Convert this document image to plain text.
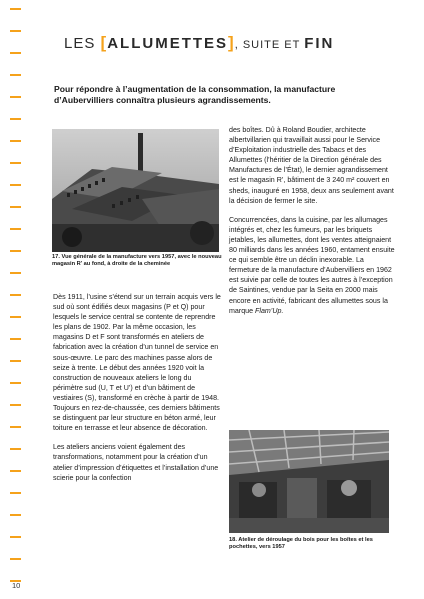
LES [ALLUMETTES], SUITE ET FIN
Pour répondre à l’augmentation de la consommation, la manufacture d’Aubervilliers connaîtra plusieurs agrandissements.
17. Vue générale de la manufacture vers 1957, avec le nouveau magasin R’ au fond, à droite de la cheminée

Dès 1911, l’usine s’étend sur un terrain acquis vers le sud où sont édifiés deux magasins (P et Q) pour lesquels le service central se contente de reprendre les plans de 1902. Par la même occasion, les magasins D et F sont transformés en ateliers de fabrication avec la création d’un tunnel de service en sous-œuvre. Le parc des machines passe alors de seize à trente. Le début des années 1920 voit la construction de nouveaux ateliers le long du périmètre sud (U, T et U’) et d’un bâtiment de vestiaires (S), transformé en crèche à partir de 1948. Toujours en rez-de-chaussée, ces derniers bâtiments se distinguent par leur structure en béton armé, leur toiture en terrasse et leur absence de décoration.

Les ateliers anciens voient également des transformations, notamment pour la création d’un atelier d’impression d’étiquettes et l’installation d’une scierie pour la confection

des boîtes. Dû à Roland Boudier, architecte albertvillarien qui travaillait aussi pour le Service d’Exploitation industrielle des Tabacs et des Allumettes (l’héritier de la Direction générale des Manufactures de l’État), le dernier agrandissement est le magasin R’, bâtiment de 3 240 m² couvert en sheds, inauguré en 1958, deux ans seulement avant la décision de fermer le site.

Concurrencées, dans la cuisine, par les allumages intégrés et, chez les fumeurs, par les briquets jetables, les allumettes, dont les ventes atteignaient 80 milliards dans les années 1960, entament ensuite ce qui semble être un déclin inexorable. La fermeture de la manufacture d’Aubervilliers en 1962 est suivie par celle de toutes les autres à l’exception de Saintines, vendue par la Seita en 2000 mais encore en activité, fabricant des allumettes sous la marque Flam’Up.

18. Atelier de déroulage du bois pour les boîtes et les pochettes, vers 1957
10
